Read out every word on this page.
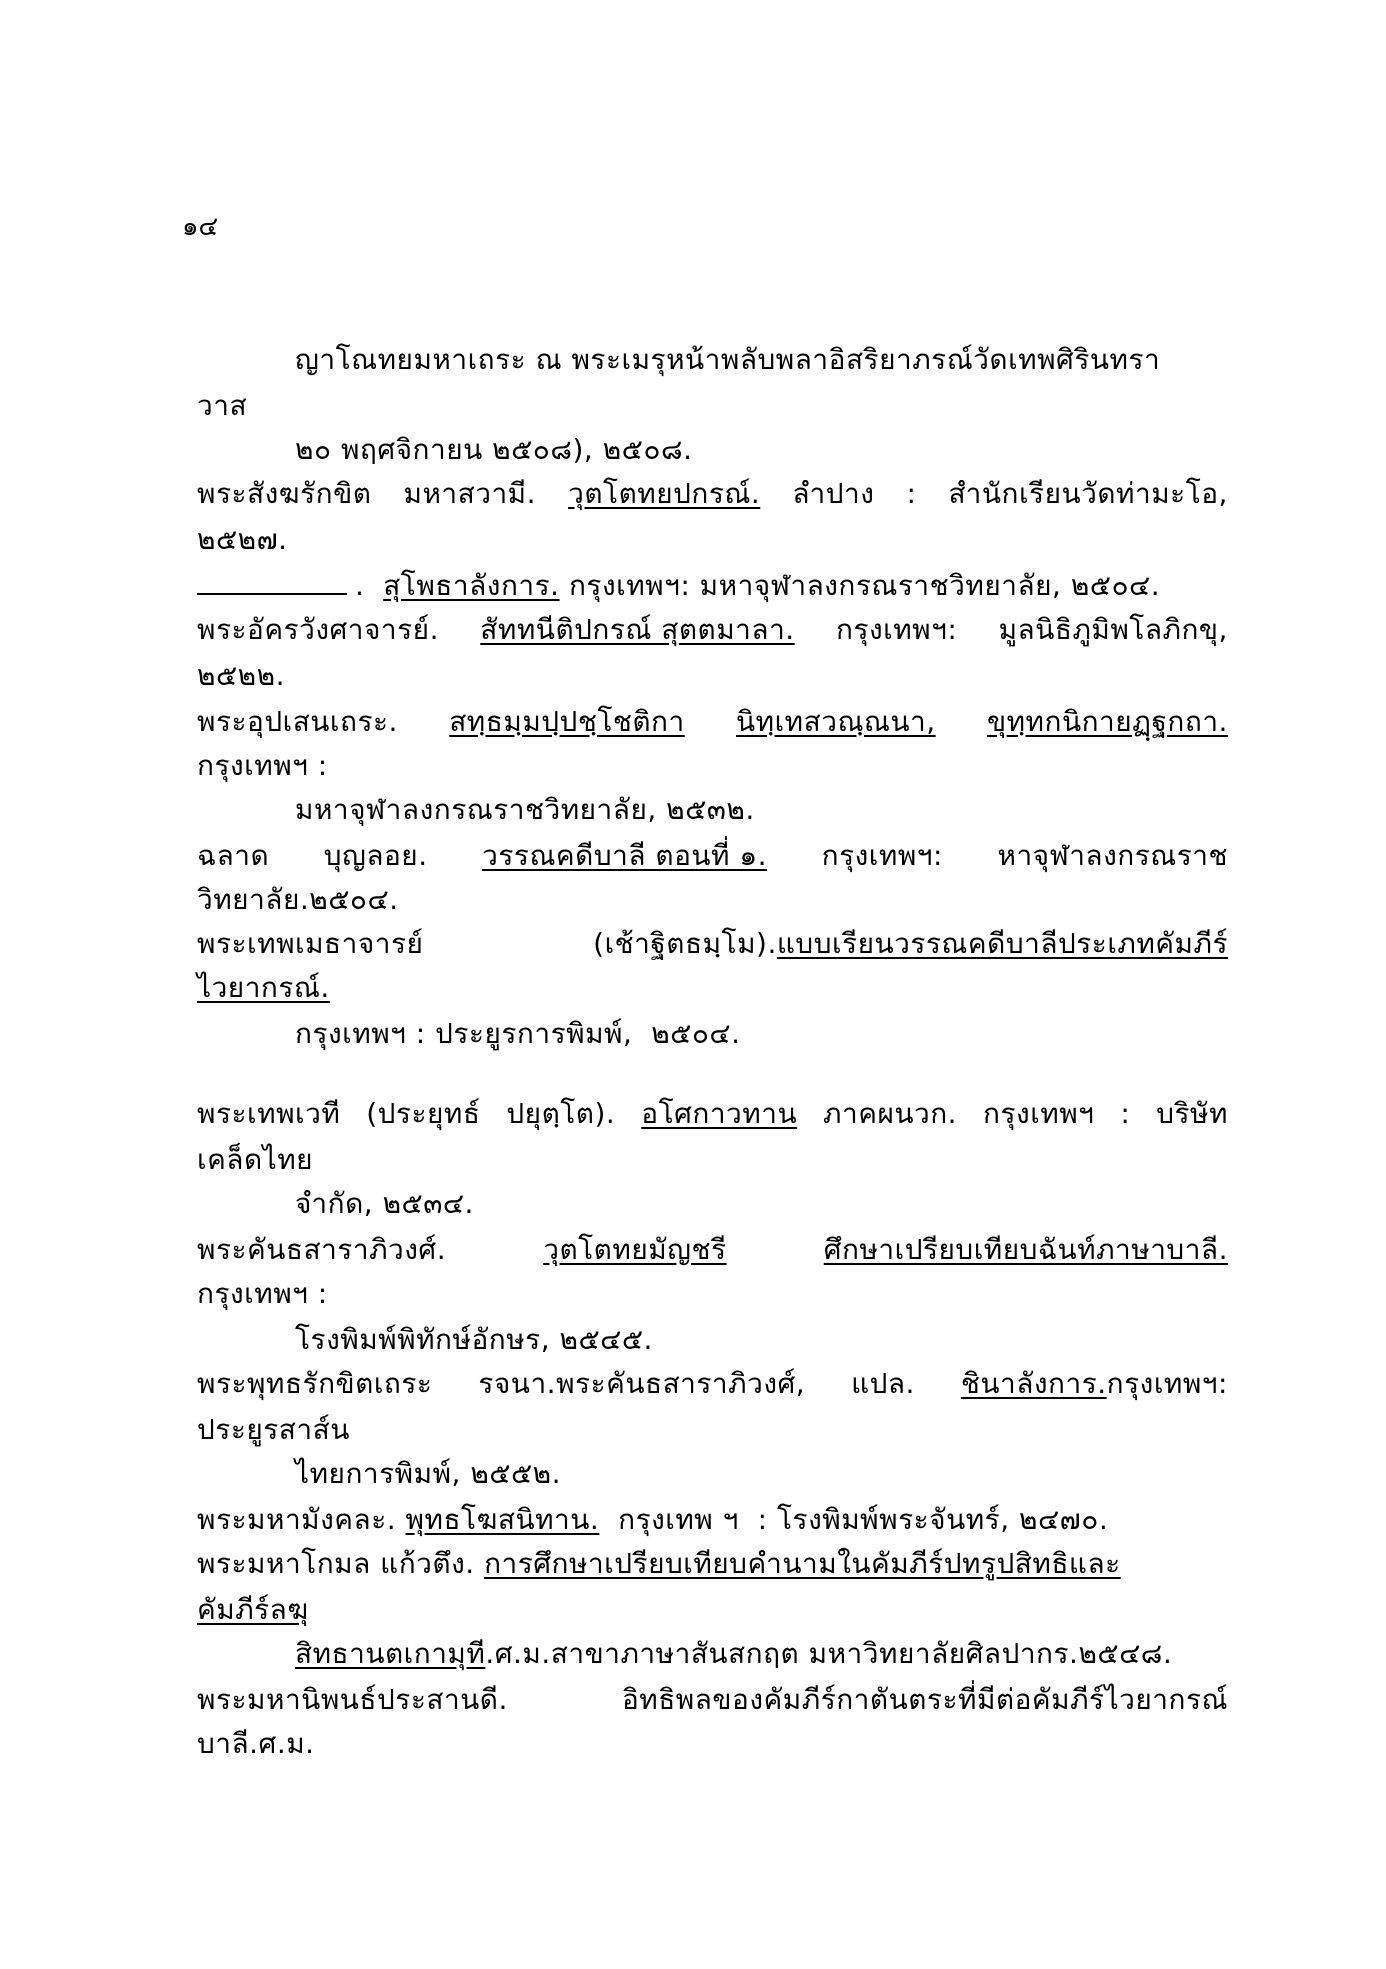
๑๔
ญาโณทยมหาเถระ ณ พระเมรุหน้าพลับพลาอิสริยาภรณ์วัดเทพศิรินทรา
วาส
๒๐ พฤศจิกายน ๒๕๐๘), ๒๕๐๘.
พระสังฆรักขิต มหาสวามี. วุตโตทยปกรณ์. ลำปาง : สำนักเรียนวัดท่ามะโอ,
๒๕๒๗.
. สุโพธาลังการ. กรุงเทพฯ: มหาจุฬาลงกรณราชวิทยาลัย, ๒๕๐๔.
พระอัครวังศาจารย์. สัททนีติปกรณ์ สุตตมาลา. กรุงเทพฯ: มูลนิธิภูมิพโลภิกขุ,
๒๕๒๒.
พระอุปเสนเถระ. สทฺธมฺมปฺปชฺโชติกา นิทฺเทสวณฺณนา, ขุทฺทกนิกายฏฺฐกถา.
กรุงเทพฯ :
มหาจุฬาลงกรณราชวิทยาลัย, ๒๕๓๒.
ฉลาด บุญลอย. วรรณคดีบาลี ตอนที่ ๑. กรุงเทพฯ: หาจุฬาลงกรณราช
วิทยาลัย.๒๕๐๔.
พระเทพเมธาจารย์	(เช้าฐิตธมฺโม).แบบเรียนวรรณคดีบาลีประเภทคัมภีร์
ไวยากรณ์.
กรุงเทพฯ : ประยูรการพิมพ์,  ๒๕๐๔.
พระเทพเวที (ประยุทธ์ ปยุตฺโต). อโศกาวทาน ภาคผนวก. กรุงเทพฯ : บริษัท
เคล็ดไทย
จำกัด, ๒๕๓๔.
พระคันธสาราภิวงศ์.	วุตโตทยมัญชรี	ศึกษาเปรียบเทียบฉันท์ภาษาบาลี.
กรุงเทพฯ :
โรงพิมพ์พิทักษ์อักษร, ๒๕๔๕.
พระพุทธรักขิตเถระ รจนา.พระคันธสาราภิวงศ์, แปล. ชินาลังการ.กรุงเทพฯ:
ประยูรสาส์น
ไทยการพิมพ์, ๒๕๕๒.
พระมหามังคละ. พุทธโฆสนิทาน.  กรุงเทพ ฯ  : โรงพิมพ์พระจันทร์, ๒๔๗๐.
พระมหาโกมล แก้วตึง. การศึกษาเปรียบเทียบคำนามในคัมภีร์ปทรูปสิทธิและ
คัมภีร์ลฆุ
สิทธานตเกามุที.ศ.ม.สาขาภาษาสันสกฤต มหาวิทยาลัยศิลปากร.๒๕๔๘.
พระมหานิพนธ์ประสานดี.	อิทธิพลของคัมภีร์กาตันตระที่มีต่อคัมภีร์ไวยากรณ์
บาลี.ศ.ม.
